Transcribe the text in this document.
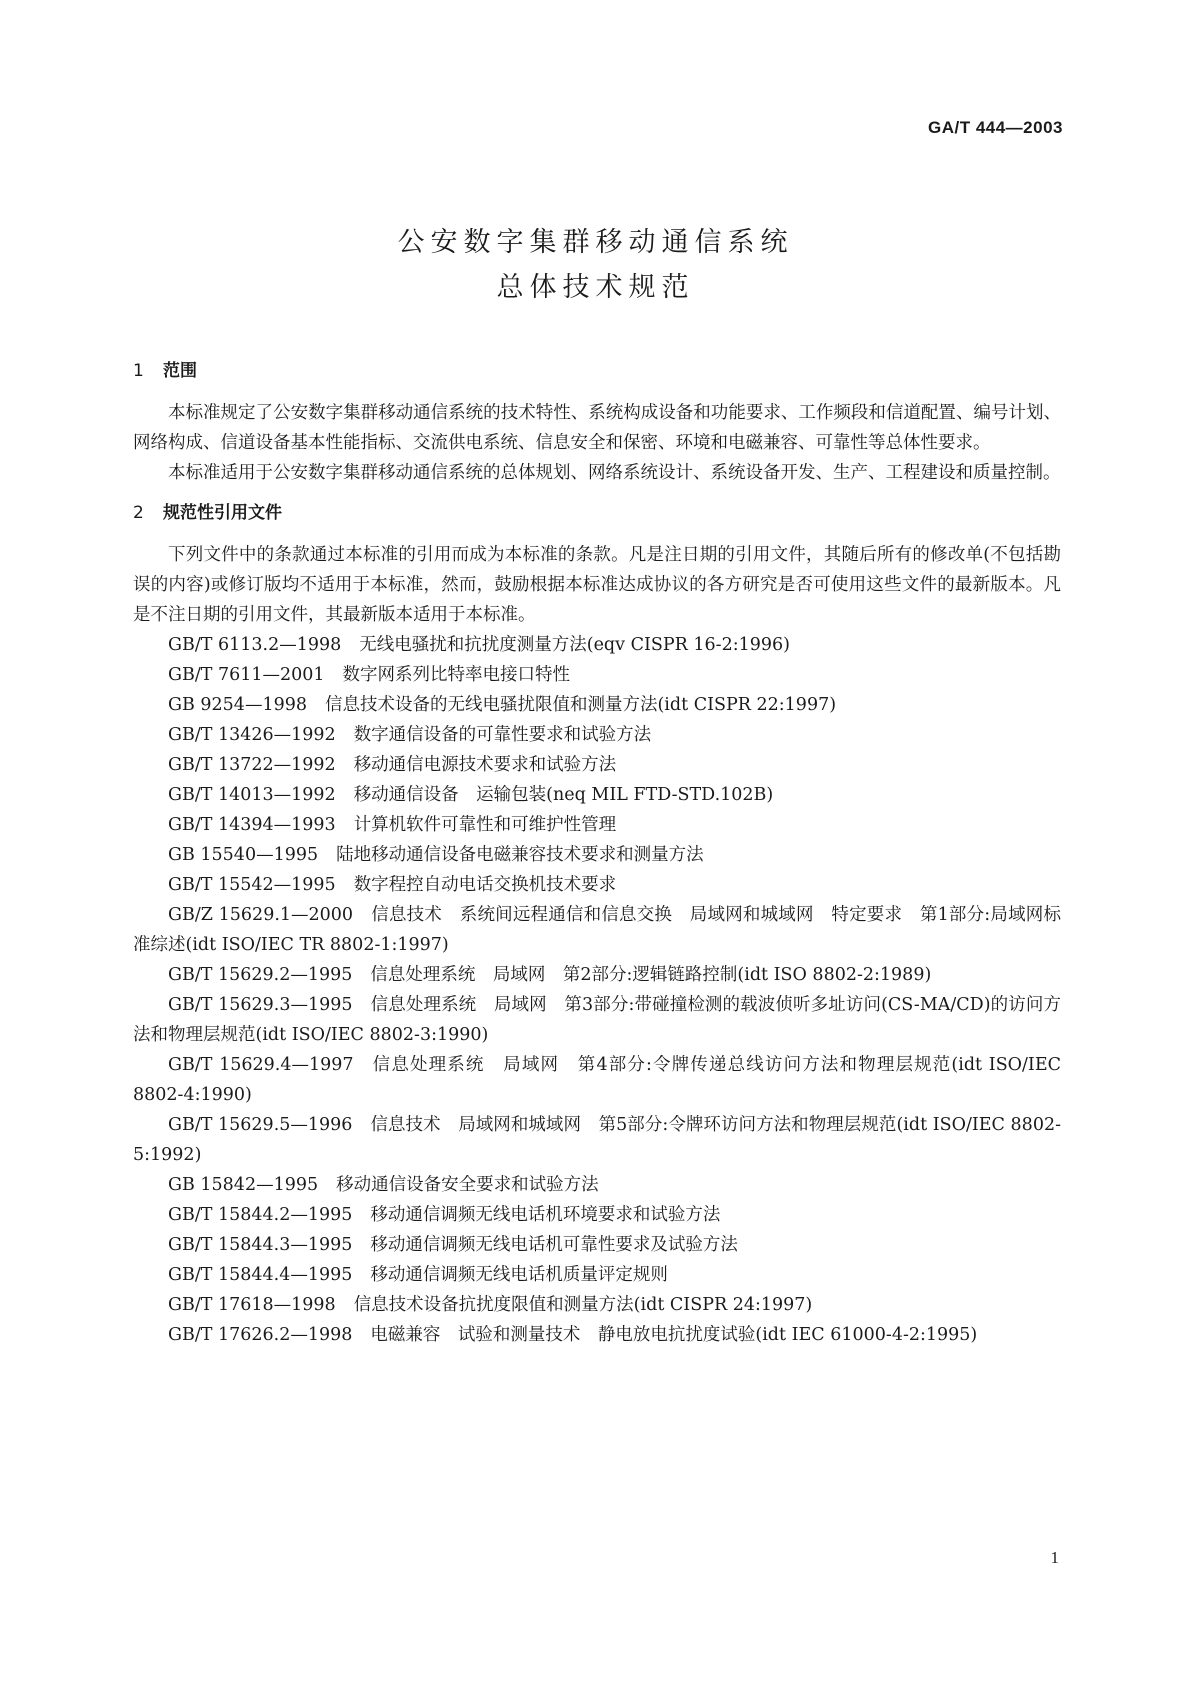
GA/T 444—2003
公安数字集群移动通信系统
总体技术规范
1 范围

本标准规定了公安数字集群移动通信系统的技术特性、系统构成设备和功能要求、工作频段和信道配置、编号计划、网络构成、信道设备基本性能指标、交流供电系统、信息安全和保密、环境和电磁兼容、可靠性等总体性要求。

本标准适用于公安数字集群移动通信系统的总体规划、网络系统设计、系统设备开发、生产、工程建设和质量控制。

2 规范性引用文件

下列文件中的条款通过本标准的引用而成为本标准的条款。凡是注日期的引用文件，其随后所有的修改单(不包括勘误的内容)或修订版均不适用于本标准，然而，鼓励根据本标准达成协议的各方研究是否可使用这些文件的最新版本。凡是不注日期的引用文件，其最新版本适用于本标准。

GB/T 6113.2—1998 无线电骚扰和抗扰度测量方法(eqv CISPR 16-2:1996)

GB/T 7611—2001 数字网系列比特率电接口特性

GB 9254—1998 信息技术设备的无线电骚扰限值和测量方法(idt CISPR 22:1997)

GB/T 13426—1992 数字通信设备的可靠性要求和试验方法

GB/T 13722—1992 移动通信电源技术要求和试验方法

GB/T 14013—1992 移动通信设备　运输包装(neq MIL FTD-STD.102B)

GB/T 14394—1993 计算机软件可靠性和可维护性管理

GB 15540—1995 陆地移动通信设备电磁兼容技术要求和测量方法

GB/T 15542—1995 数字程控自动电话交换机技术要求

GB/Z 15629.1—2000 信息技术　系统间远程通信和信息交换　局域网和城域网　特定要求　第1部分:局域网标准综述(idt ISO/IEC TR 8802-1:1997)

GB/T 15629.2—1995 信息处理系统　局域网　第2部分:逻辑链路控制(idt ISO 8802-2:1989)

GB/T 15629.3—1995 信息处理系统　局域网　第3部分:带碰撞检测的载波侦听多址访问(CS-MA/CD)的访问方法和物理层规范(idt ISO/IEC 8802-3:1990)

GB/T 15629.4—1997 信息处理系统　局域网　第4部分:令牌传递总线访问方法和物理层规范(idt ISO/IEC 8802-4:1990)

GB/T 15629.5—1996 信息技术　局域网和城域网　第5部分:令牌环访问方法和物理层规范(idt ISO/IEC 8802-5:1992)

GB 15842—1995 移动通信设备安全要求和试验方法

GB/T 15844.2—1995 移动通信调频无线电话机环境要求和试验方法

GB/T 15844.3—1995 移动通信调频无线电话机可靠性要求及试验方法

GB/T 15844.4—1995 移动通信调频无线电话机质量评定规则

GB/T 17618—1998 信息技术设备抗扰度限值和测量方法(idt CISPR 24:1997)

GB/T 17626.2—1998 电磁兼容　试验和测量技术　静电放电抗扰度试验(idt IEC 61000-4-2:1995)

1
